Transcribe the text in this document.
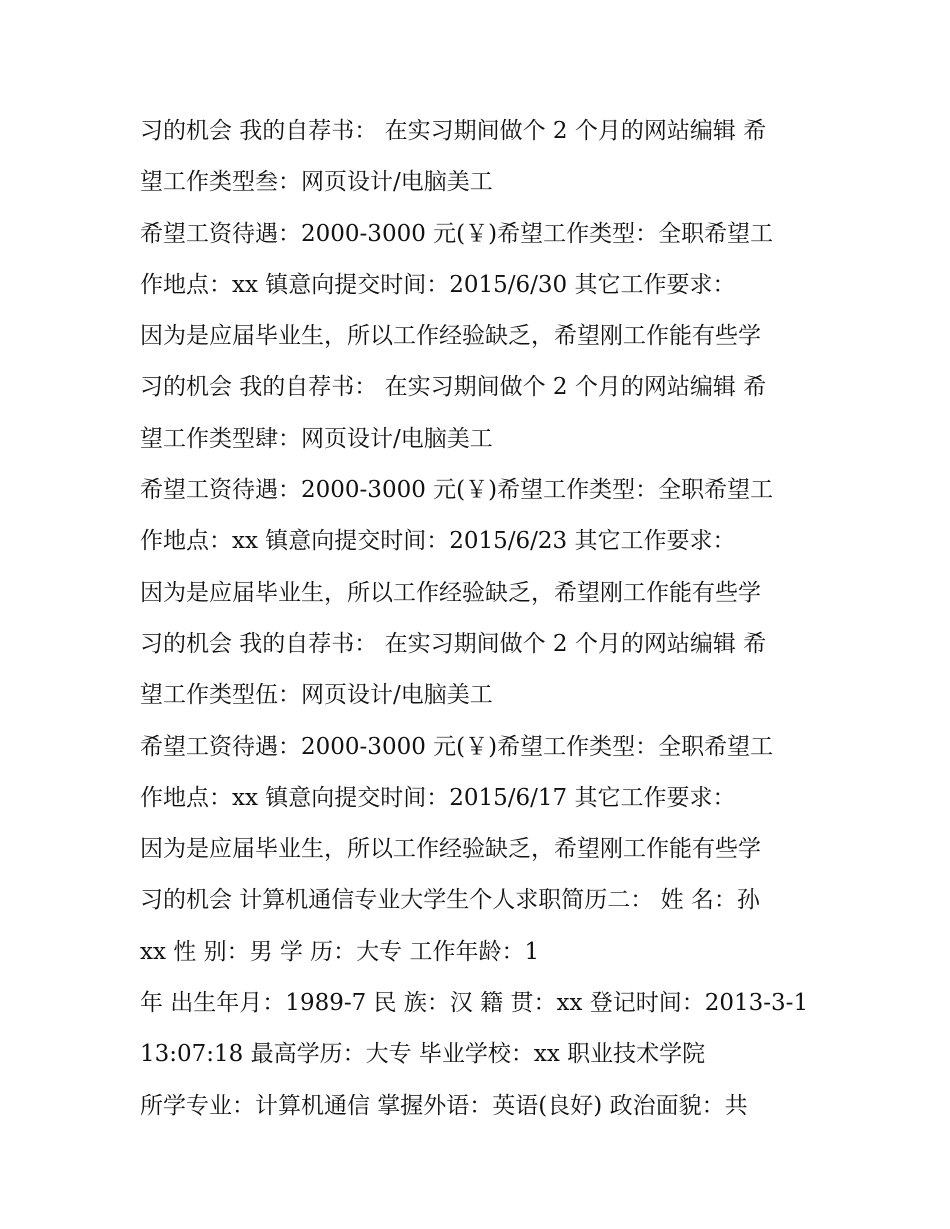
习的机会 我的自荐书： 在实习期间做个 2 个月的网站编辑 希
望工作类型叁：网页设计/电脑美工
希望工资待遇：2000-3000 元(￥)希望工作类型：全职希望工
作地点：xx 镇意向提交时间：2015/6/30 其它工作要求：
因为是应届毕业生，所以工作经验缺乏，希望刚工作能有些学
习的机会 我的自荐书： 在实习期间做个 2 个月的网站编辑 希
望工作类型肆：网页设计/电脑美工
希望工资待遇：2000-3000 元(￥)希望工作类型：全职希望工
作地点：xx 镇意向提交时间：2015/6/23 其它工作要求：
因为是应届毕业生，所以工作经验缺乏，希望刚工作能有些学
习的机会 我的自荐书： 在实习期间做个 2 个月的网站编辑 希
望工作类型伍：网页设计/电脑美工
希望工资待遇：2000-3000 元(￥)希望工作类型：全职希望工
作地点：xx 镇意向提交时间：2015/6/17 其它工作要求：
因为是应届毕业生，所以工作经验缺乏，希望刚工作能有些学
习的机会 计算机通信专业大学生个人求职简历二： 姓 名：孙
xx 性 别：男 学 历：大专 工作年龄：1
年 出生年月：1989-7 民 族：汉 籍 贯：xx 登记时间：2013-3-1
13:07:18 最高学历：大专 毕业学校：xx 职业技术学院
所学专业：计算机通信 掌握外语：英语(良好) 政治面貌：共
